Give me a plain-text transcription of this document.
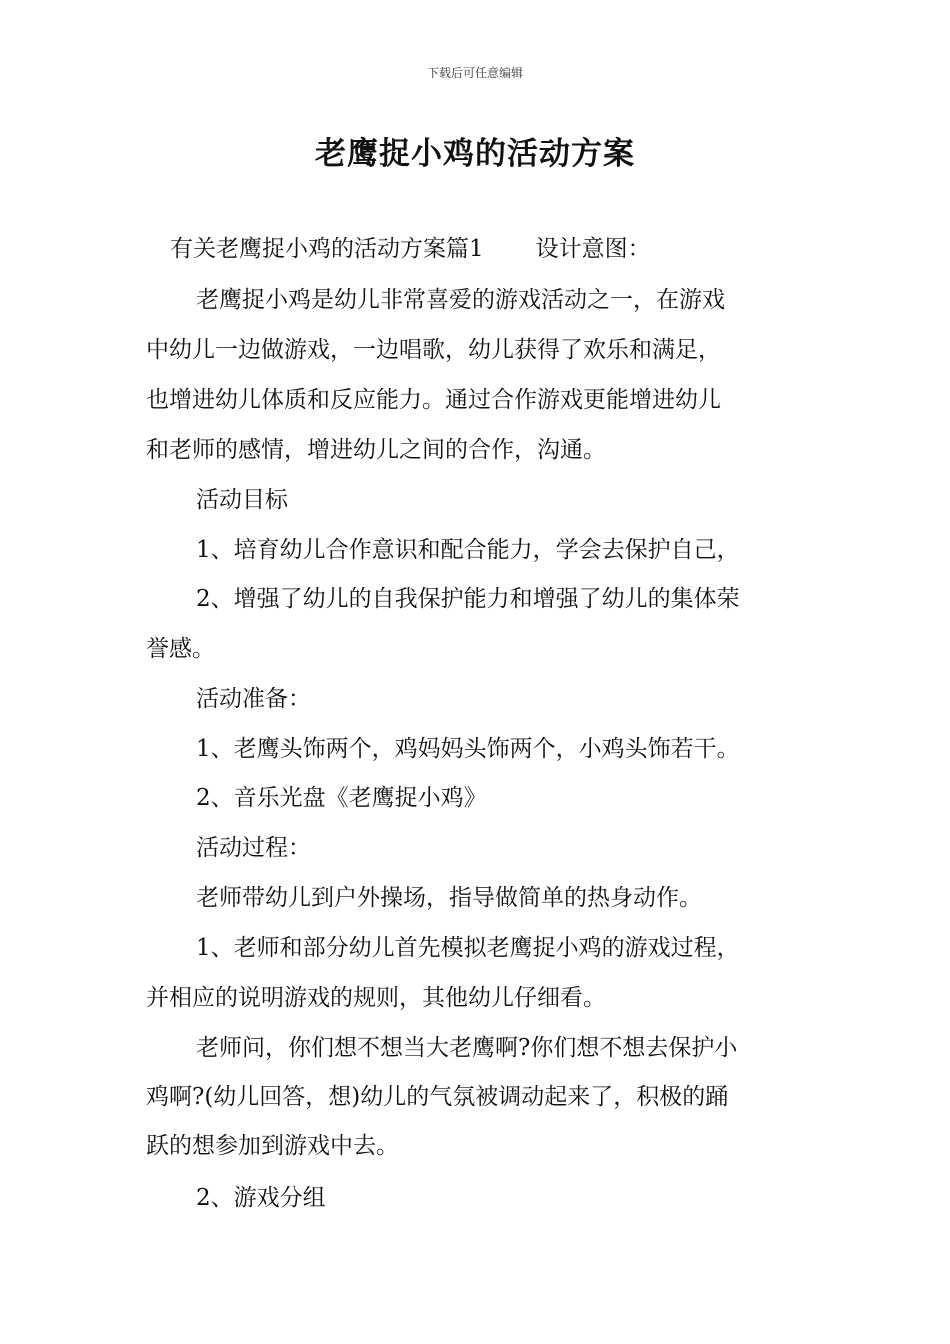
下载后可任意编辑
老鹰捉小鸡的活动方案
有关老鹰捉小鸡的活动方案篇1 设计意图：
老鹰捉小鸡是幼儿非常喜爱的游戏活动之一，在游戏
中幼儿一边做游戏，一边唱歌，幼儿获得了欢乐和满足，
也增进幼儿体质和反应能力。通过合作游戏更能增进幼儿
和老师的感情，增进幼儿之间的合作，沟通。
活动目标
1、培育幼儿合作意识和配合能力，学会去保护自己，
2、增强了幼儿的自我保护能力和增强了幼儿的集体荣
誉感。
活动准备：
1、老鹰头饰两个，鸡妈妈头饰两个，小鸡头饰若干。
2、音乐光盘《老鹰捉小鸡》
活动过程：
老师带幼儿到户外操场，指导做简单的热身动作。
1、老师和部分幼儿首先模拟老鹰捉小鸡的游戏过程，
并相应的说明游戏的规则，其他幼儿仔细看。
老师问，你们想不想当大老鹰啊?你们想不想去保护小
鸡啊?(幼儿回答，想)幼儿的气氛被调动起来了，积极的踊
跃的想参加到游戏中去。
2、游戏分组
